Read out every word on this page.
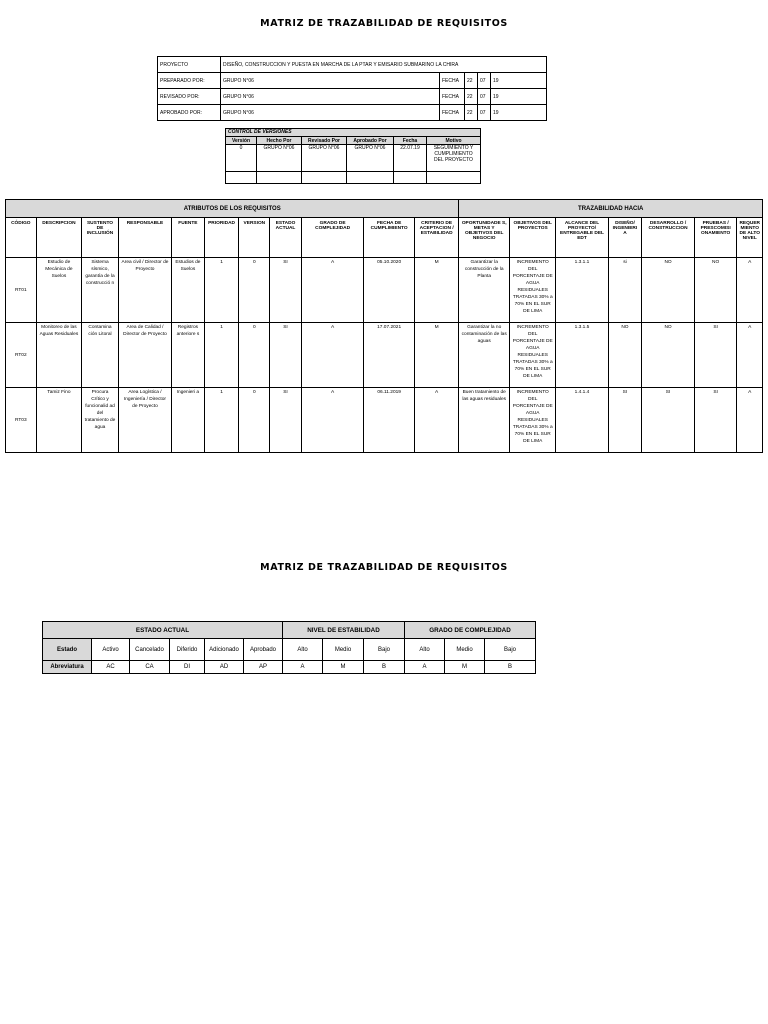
MATRIZ DE TRAZABILIDAD DE REQUISITOS
PROYECTO	DISEÑO, CONSTRUCCION Y PUESTA EN MARCHA DE LA PTAR Y EMISARIO SUBMARINO LA CHIRA				
PREPARADO POR:	GRUPO N°06	FECHA	22	07	19
REVISADO POR:	GRUPO N°06	FECHA	22	07	19
APROBADO POR:	GRUPO N°06	FECHA	22	07	19
CONTROL DE VERSIONES					
Versión	Hecho Por	Revisado Por	Aprobado Por	Fecha	Motivo
0	GRUPO N°06	GRUPO N°06	GRUPO N°06	22.07.19	SEGUIMIENTO Y CUMPLIMIENTO DEL PROYECTO

ATRIBUTOS DE LOS REQUISITOS											TRAZABILIDAD HACIA						
CÓDIGO	DESCRIPCION	SUSTENTO DE INCLUSIÓN	RESPONSABLE	FUENTE	PRIORIDAD	VERSION	ESTADO ACTUAL	GRADO DE COMPLEJIDAD	FECHA DE CUMPLIMIENTO	CRITERIO DE ACEPTACION / ESTABILIDAD	OPORTUNIDADE S, METAS Y OBJETIVOS DEL NEGOCIO	OBJETIVOS DEL PROYECTOS	ALCANCE DEL PROYECTO/ ENTREGABLE DEL EDT	DISEÑO/ INGENIERI A	DESARROLLO / CONSTRUCCION	PRUEBAS / PRESCOMISI ONAMIENTO	REQUER MIENTO DE ALTO NIVEL
RT01	Estudio de Mecánica de Suelos	Sistema sísmico, garantía de la construcció n	Area civil / Director de Proyecto	Estudios de Suelos	1	0	SI	A	05.10.2020	M	Garantizar la construcción de la Planta	INCREMENTO DEL PORCENTAJE DE AGUA RESIDUALES TRATADAS 30% a 70% EN EL SUR DE LIMA	1.3.1.1	si	NO	NO	A
RT02	Monitoreo de las Aguas Residuales	Contamina ción Litoral	Area de Calidad / Director de Proyecto	Registros anteriore s	1	0	SI	A	17.07.2021	M	Garantizar la no contaminación de las aguas	INCREMENTO DEL PORCENTAJE DE AGUA RESIDUALES TRATADAS 30% a 70% EN EL SUR DE LIMA	1.3.1.5	NO	NO	SI	A
RT03	Tamiz Fino	Procura Crítico y funcionalid ad del tratamiento de agua	Area Logística / Ingeniería / Director de Proyecto	Ingenieri a	1	0	SI	A	06.11.2019	A	Buen tratamiento de las aguas residuales	INCREMENTO DEL PORCENTAJE DE AGUA RESIDUALES TRATADAS 30% a 70% EN EL SUR DE LIMA	1.4.1.4	SI	SI	SI	A
MATRIZ DE TRAZABILIDAD DE REQUISITOS
ESTADO ACTUAL						NIVEL DE ESTABILIDAD			GRADO DE COMPLEJIDAD		
Estado	Activo	Cancelado	Diferido	Adicionado	Aprobado	Alto	Medio	Bajo	Alto	Medio	Bajo
Abreviatura	AC	CA	DI	AD	AP	A	M	B	A	M	B
